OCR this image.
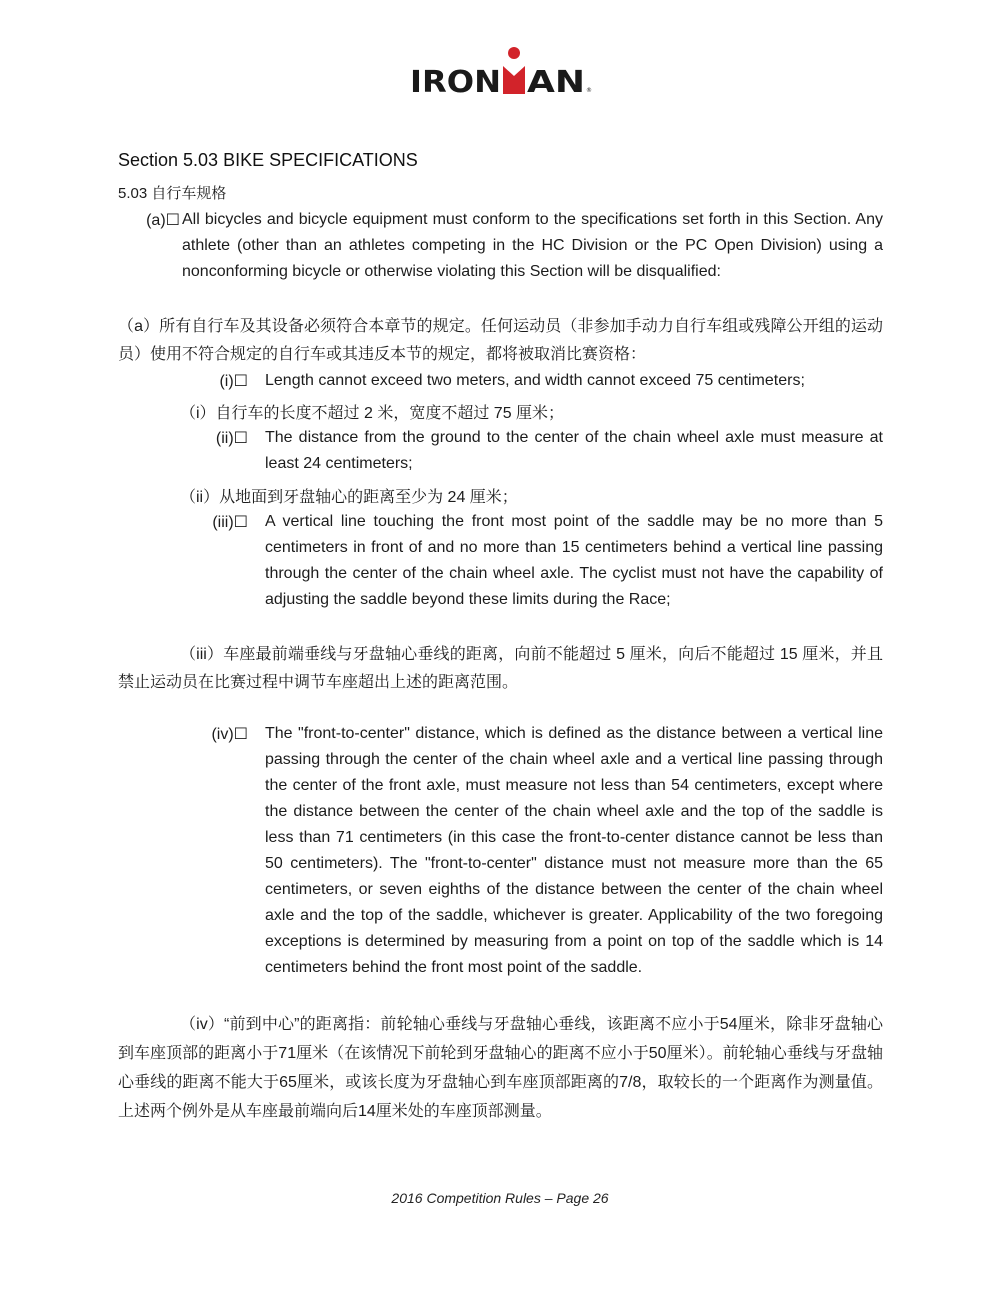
IRON AN ®
Section 5.03 BIKE SPECIFICATIONS
5.03 自行车规格
(a)☐ All bicycles and bicycle equipment must conform to the specifications set forth in this Section. Any athlete (other than an athletes competing in the HC Division or the PC Open Division) using a nonconforming bicycle or otherwise violating this Section will be disqualified:
（a）所有自行车及其设备必须符合本章节的规定。任何运动员（非参加手动力自行车组或残障公开组的运动员）使用不符合规定的自行车或其违反本节的规定，都将被取消比赛资格：
(i)☐ Length cannot exceed two meters, and width cannot exceed 75 centimeters;
（i）自行车的长度不超过 2 米，宽度不超过 75 厘米；
(ii)☐ The distance from the ground to the center of the chain wheel axle must measure at least 24 centimeters;
（ii）从地面到牙盘轴心的距离至少为 24 厘米；
(iii)☐ A vertical line touching the front most point of the saddle may be no more than 5 centimeters in front of and no more than 15 centimeters behind a vertical line passing through the center of the chain wheel axle. The cyclist must not have the capability of adjusting the saddle beyond these limits during the Race;
（iii）车座最前端垂线与牙盘轴心垂线的距离，向前不能超过 5 厘米，向后不能超过 15 厘米，并且禁止运动员在比赛过程中调节车座超出上述的距离范围。
(iv)☐ The "front-to-center" distance, which is defined as the distance between a vertical line passing through the center of the chain wheel axle and a vertical line passing through the center of the front axle, must measure not less than 54 centimeters, except where the distance between the center of the chain wheel axle and the top of the saddle is less than 71 centimeters (in this case the front-to-center distance cannot be less than 50 centimeters). The "front-to-center" distance must not measure more than the 65 centimeters, or seven eighths of the distance between the center of the chain wheel axle and the top of the saddle, whichever is greater. Applicability of the two foregoing exceptions is determined by measuring from a point on top of the saddle which is 14 centimeters behind the front most point of the saddle.
（iv）“前到中心”的距离指：前轮轴心垂线与牙盘轴心垂线，该距离不应小于54厘米，除非牙盘轴心到车座顶部的距离小于71厘米（在该情况下前轮到牙盘轴心的距离不应小于50厘米）。前轮轴心垂线与牙盘轴心垂线的距离不能大于65厘米，或该长度为牙盘轴心到车座顶部距离的7/8，取较长的一个距离作为测量值。上述两个例外是从车座最前端向后14厘米处的车座顶部测量。
2016 Competition Rules – Page 26
